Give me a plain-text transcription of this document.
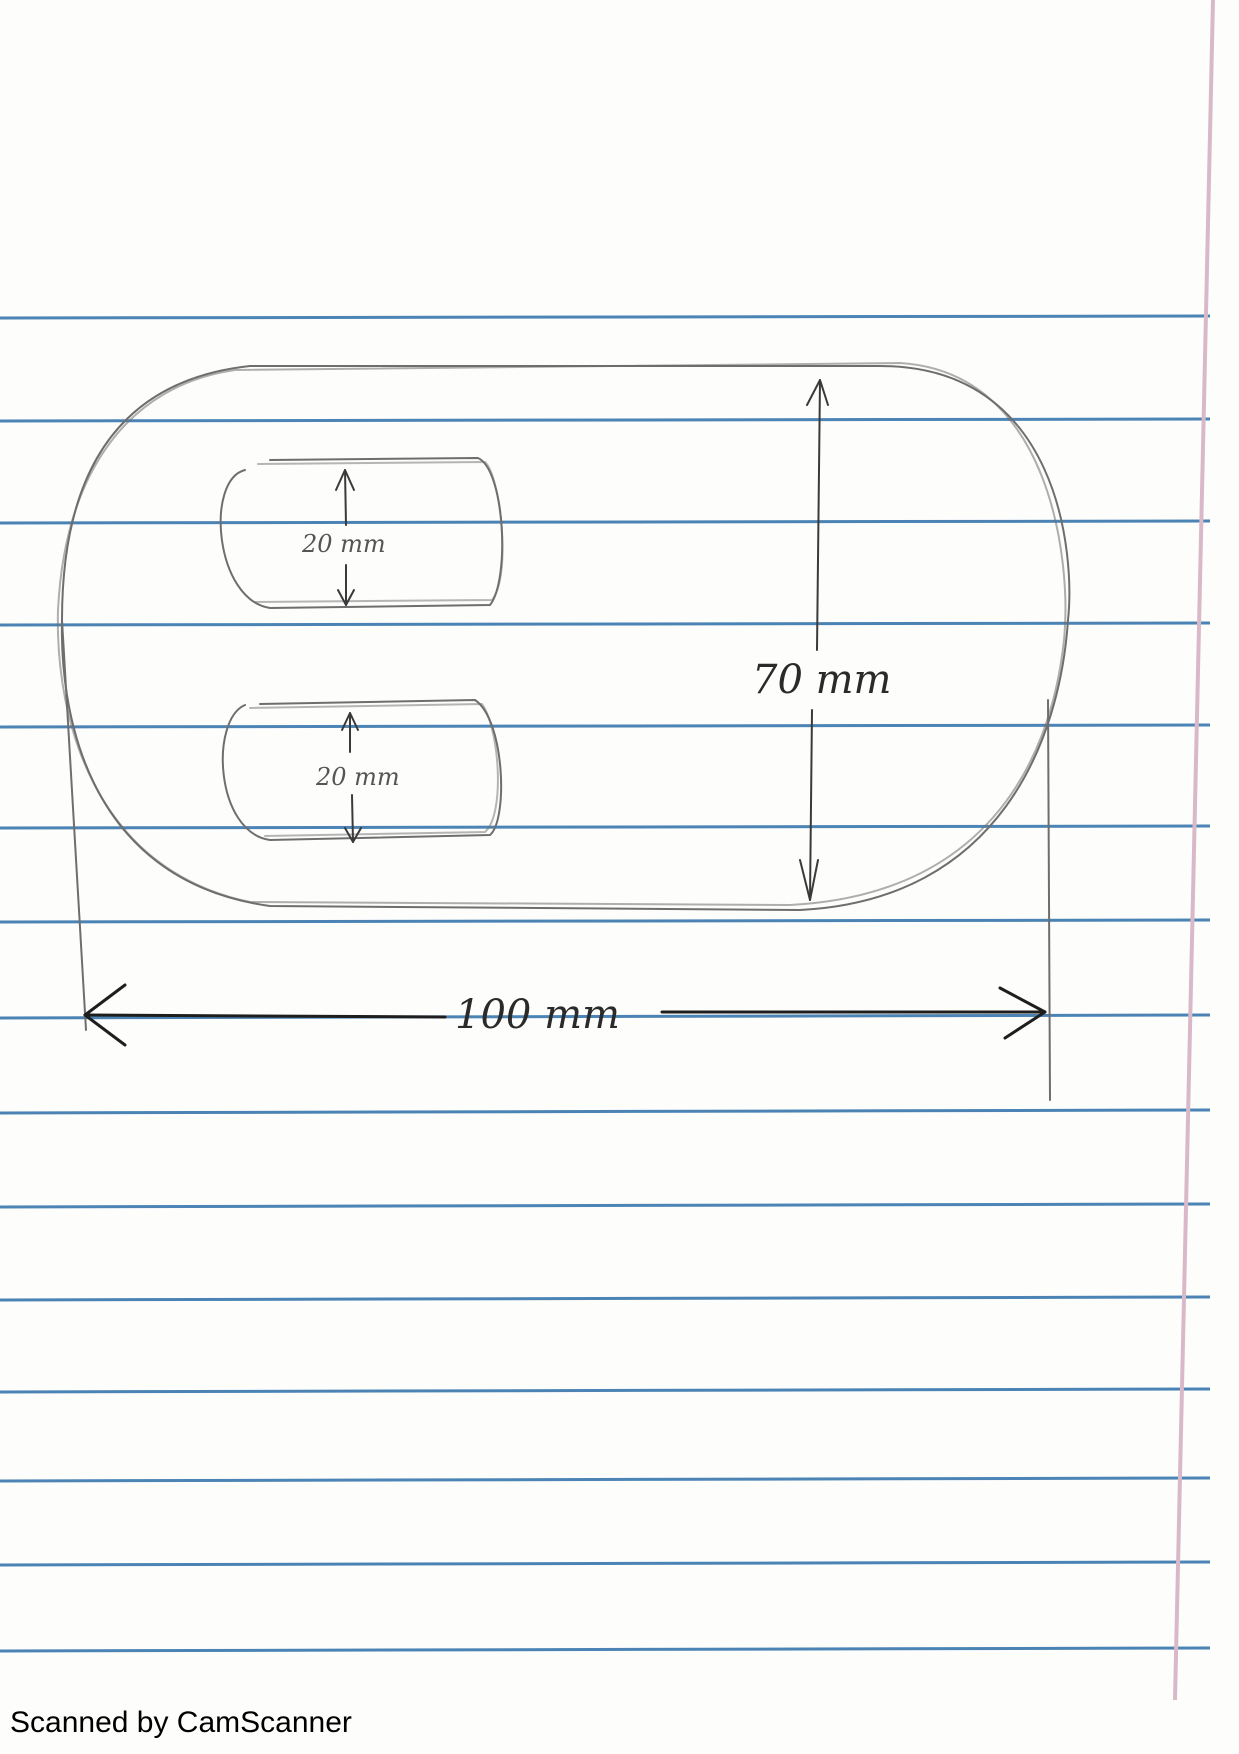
20 mm
20 mm
70 mm
100 mm
Scanned by CamScanner
